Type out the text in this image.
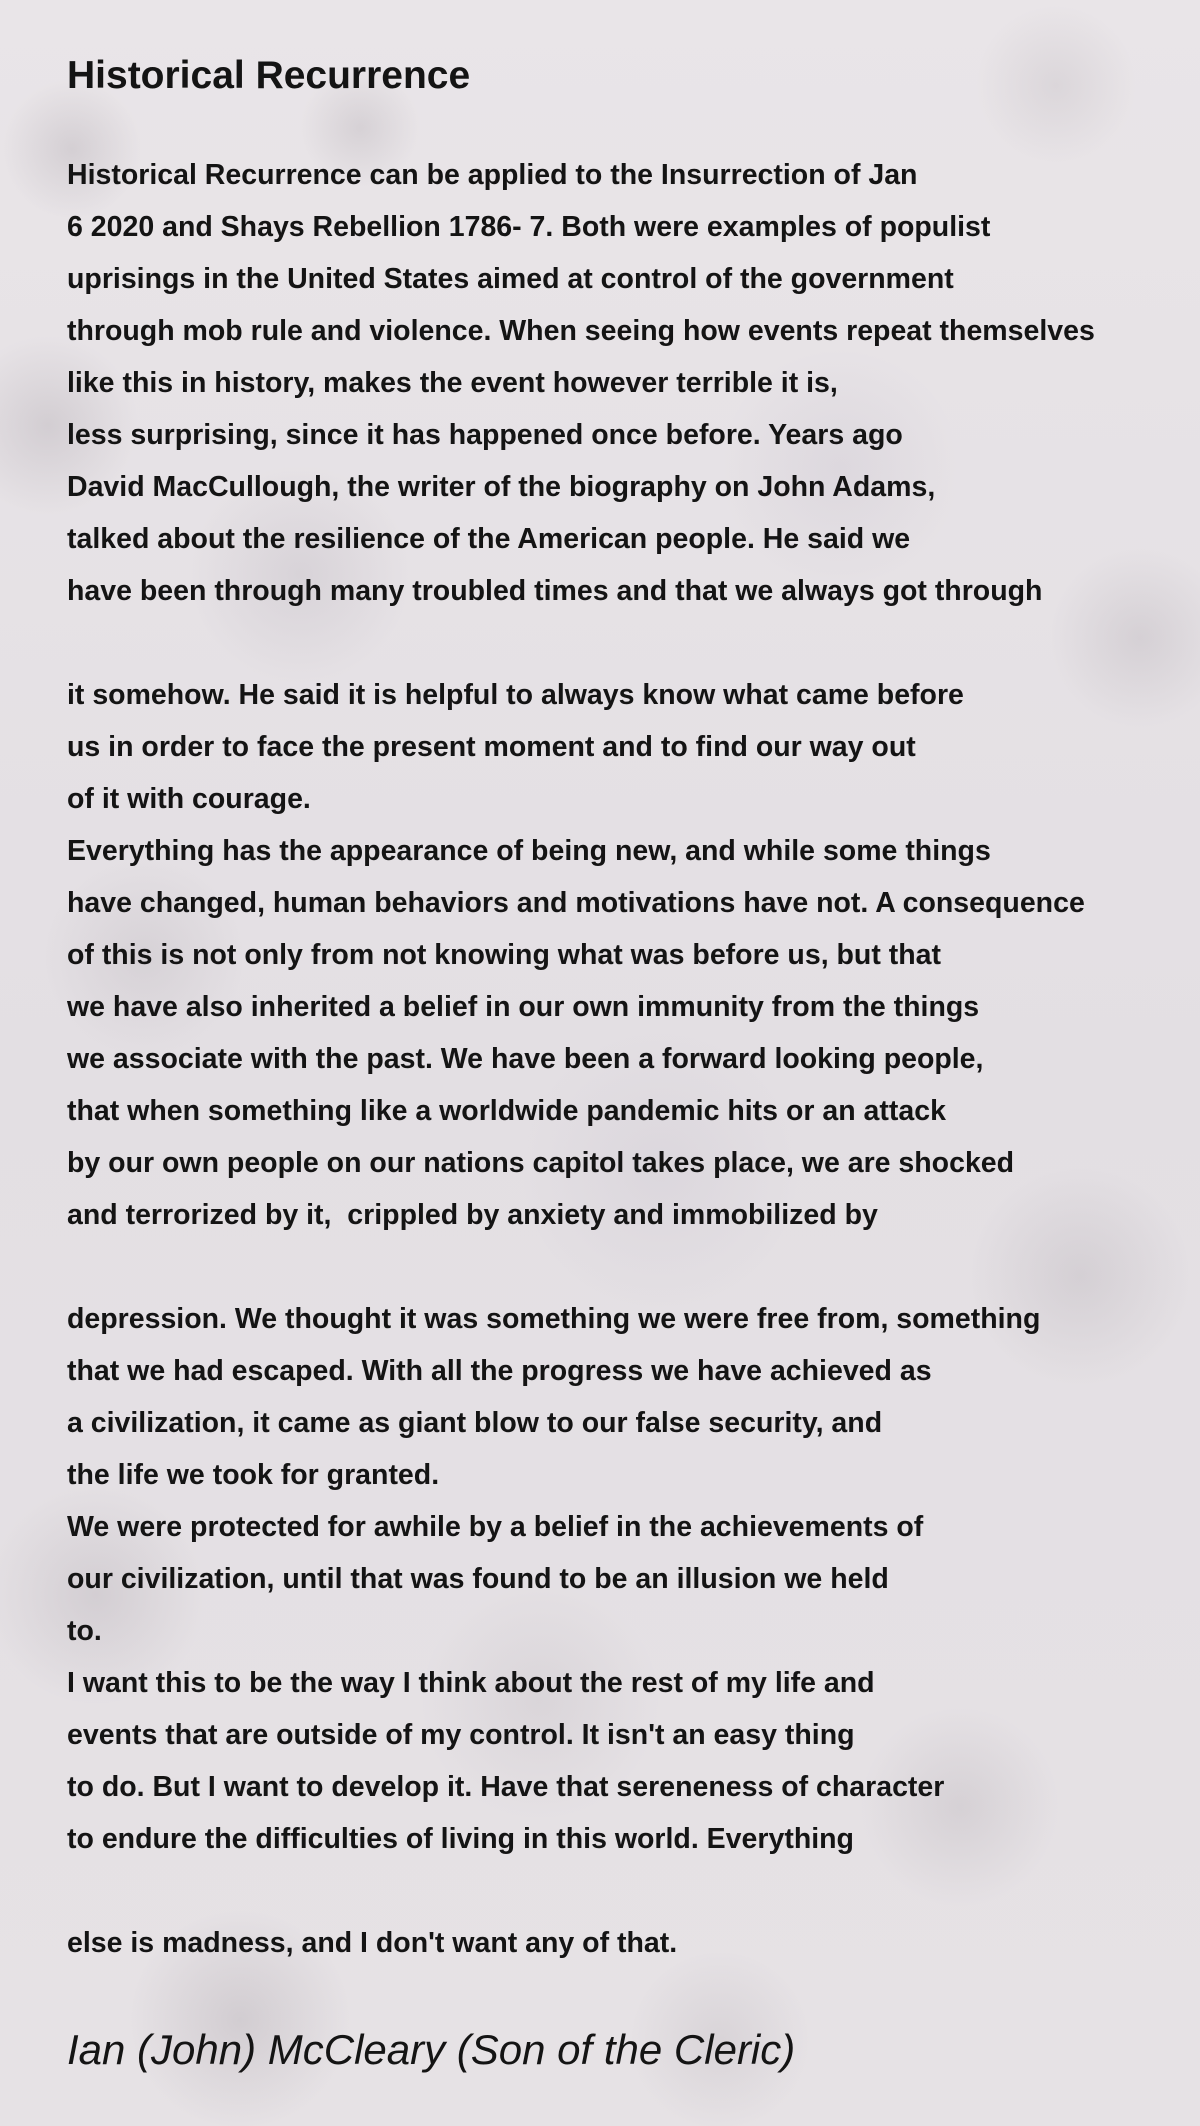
Historical Recurrence
Historical Recurrence can be applied to the Insurrection of Jan
6 2020 and Shays Rebellion 1786- 7. Both were examples of populist
uprisings in the United States aimed at control of the government
through mob rule and violence. When seeing how events repeat themselves
like this in history, makes the event however terrible it is,
less surprising, since it has happened once before. Years ago
David MacCullough, the writer of the biography on John Adams,
talked about the resilience of the American people. He said we
have been through many troubled times and that we always got through
it somehow. He said it is helpful to always know what came before
us in order to face the present moment and to find our way out
of it with courage.
Everything has the appearance of being new, and while some things
have changed, human behaviors and motivations have not. A consequence
of this is not only from not knowing what was before us, but that
we have also inherited a belief in our own immunity from the things
we associate with the past. We have been a forward looking people,
that when something like a worldwide pandemic hits or an attack
by our own people on our nations capitol takes place, we are shocked
and terrorized by it,  crippled by anxiety and immobilized by
depression. We thought it was something we were free from, something
that we had escaped. With all the progress we have achieved as
a civilization, it came as giant blow to our false security, and
the life we took for granted.
We were protected for awhile by a belief in the achievements of
our civilization, until that was found to be an illusion we held
to.
I want this to be the way I think about the rest of my life and
events that are outside of my control. It isn't an easy thing
to do. But I want to develop it. Have that sereneness of character
to endure the difficulties of living in this world. Everything
else is madness, and I don't want any of that.

Ian (John) McCleary (Son of the Cleric)
